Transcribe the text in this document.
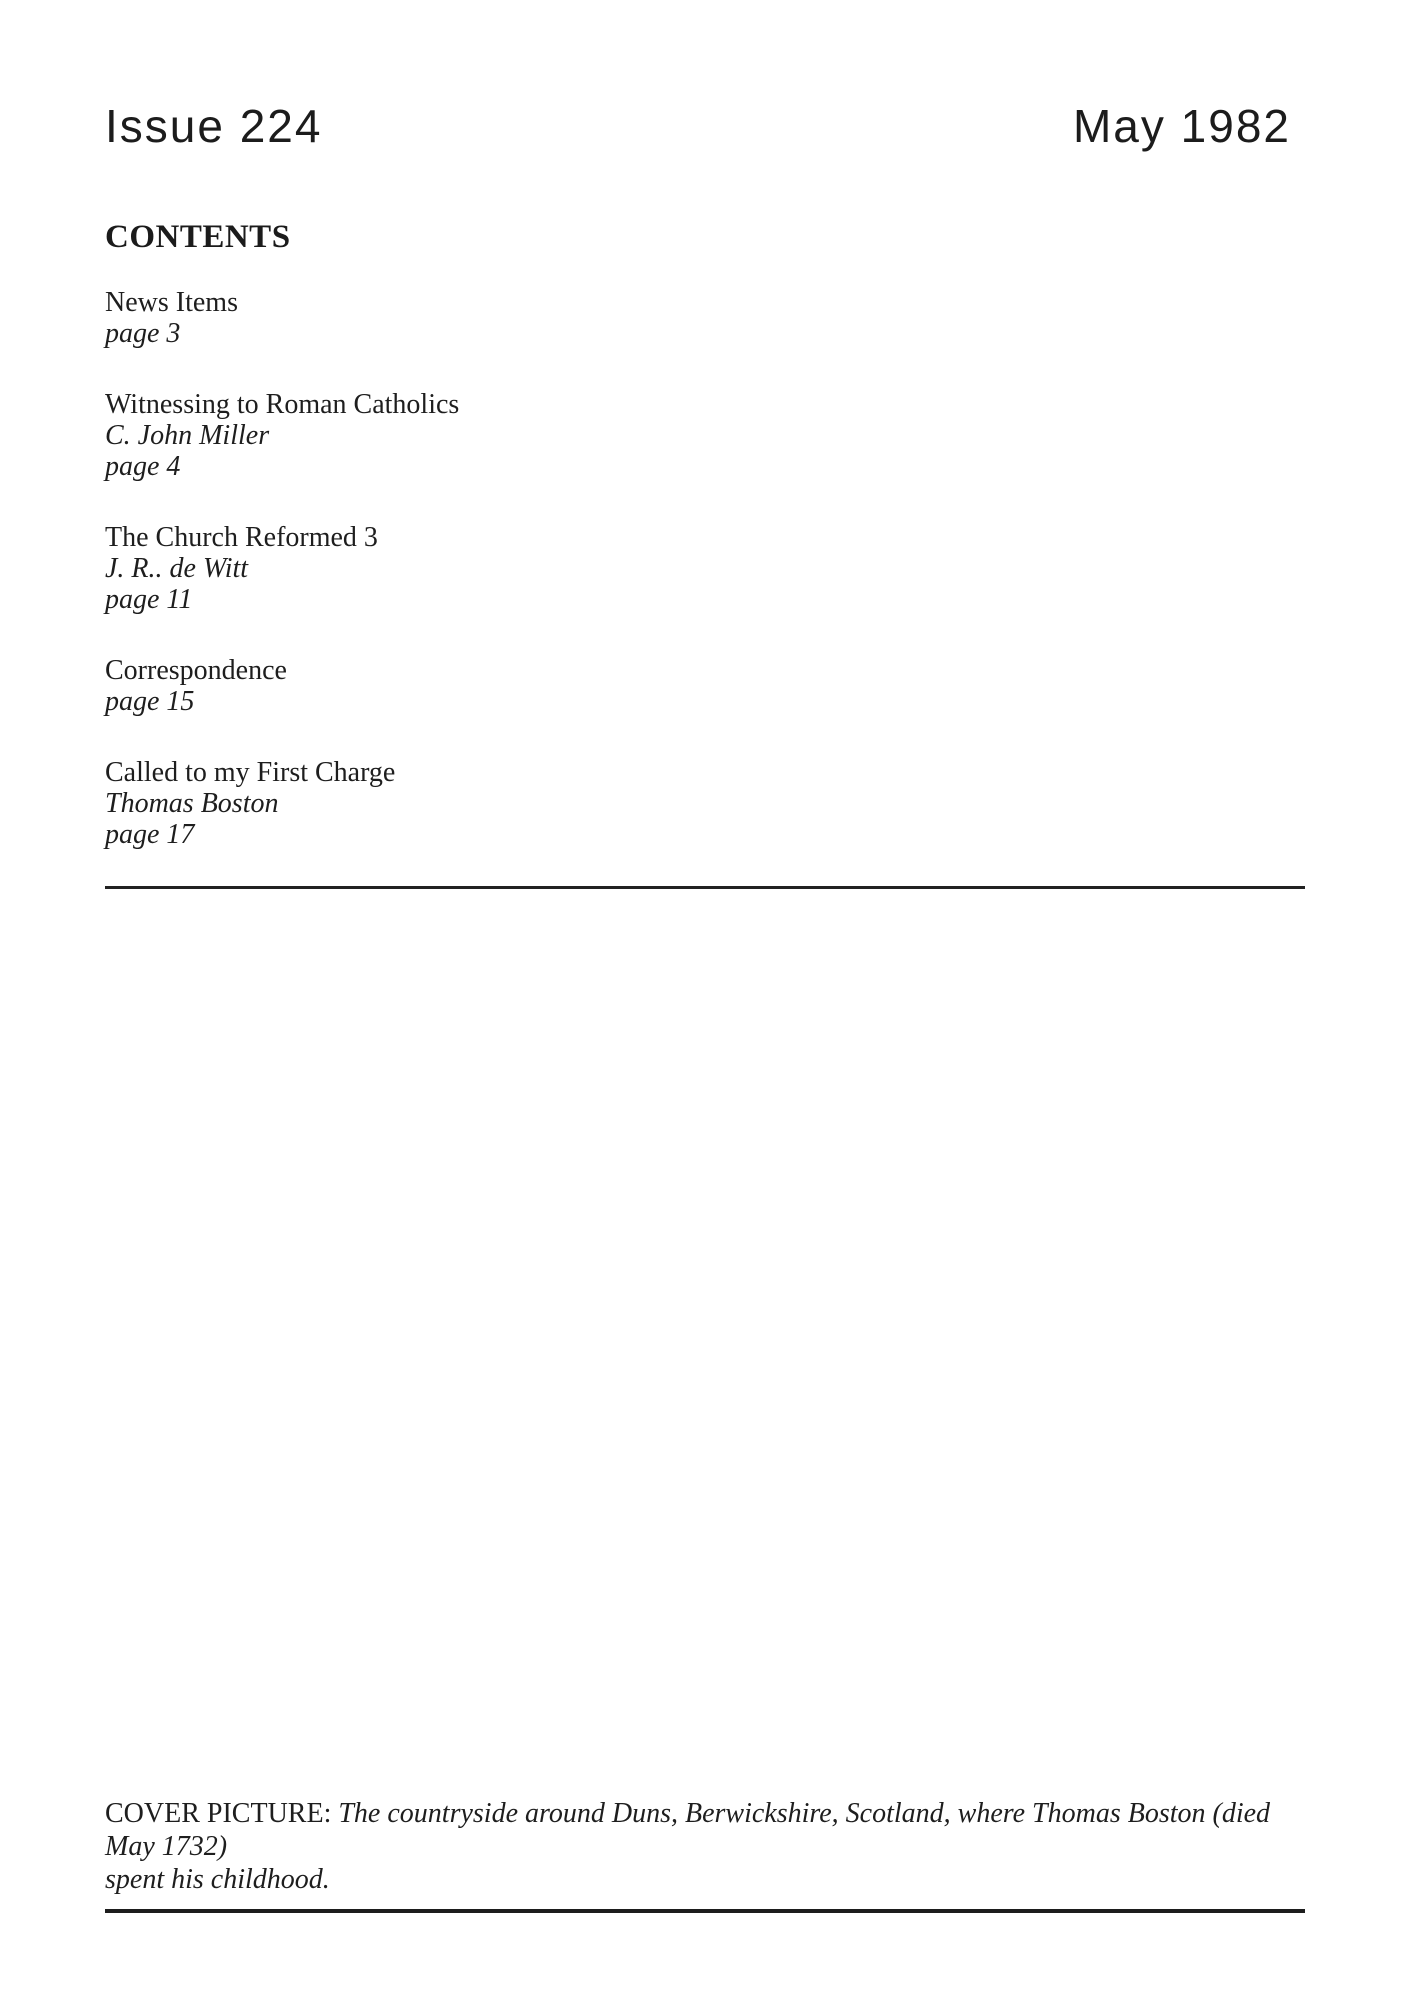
Issue 224	May 1982
CONTENTS
News Items
page 3
Witnessing to Roman Catholics
C. John Miller
page 4
The Church Reformed 3
J. R.. de Witt
page 11
Correspondence
page 15
Called to my First Charge
Thomas Boston
page 17
COVER PICTURE: The countryside around Duns, Berwickshire, Scotland, where Thomas Boston (died May 1732)
spent his childhood.
